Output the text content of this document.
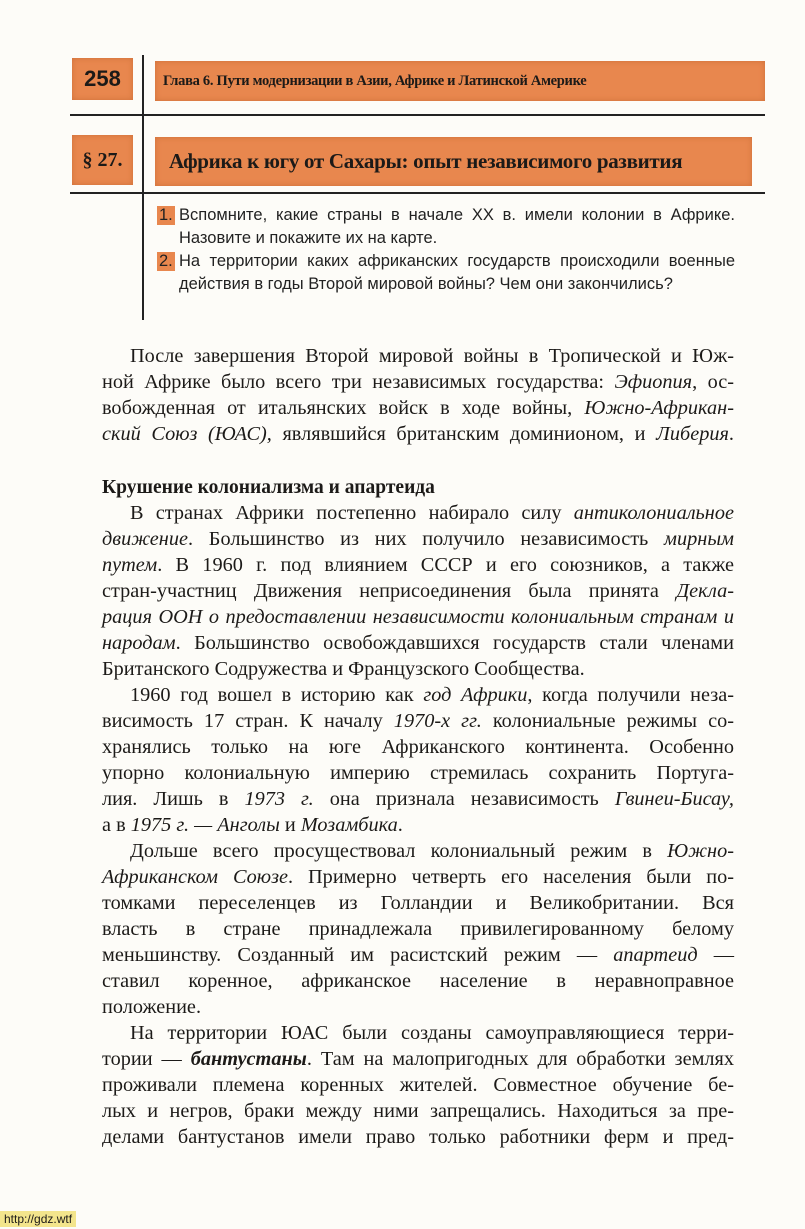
258	Глава 6. Пути модернизации в Азии, Африке и Латинской Америке
§ 27.	Африка к югу от Сахары: опыт независимого развития
1. Вспомните, какие страны в начале XX в. имели колонии в Африке. Назовите и покажите их на карте.
2. На территории каких африканских государств происходили военные действия в годы Второй мировой войны? Чем они закончились?
После завершения Второй мировой войны в Тропической и Юж-
ной Африке было всего три независимых государства: Эфиопия, ос-
вобожденная от итальянских войск в ходе войны, Южно-Африкан-
ский Союз (ЮАС), являвшийся британским доминионом, и Либерия.
Крушение колониализма и апартеида
В странах Африки постепенно набирало силу антиколониальное
движение. Большинство из них получило независимость мирным
путем. В 1960 г. под влиянием СССР и его союзников, а также
стран-участниц Движения неприсоединения была принята Декла-
рация ООН о предоставлении независимости колониальным странам и
народам. Большинство освобождавшихся государств стали членами
Британского Содружества и Французского Сообщества.
1960 год вошел в историю как год Африки, когда получили неза-
висимость 17 стран. К началу 1970-х гг. колониальные режимы со-
хранялись только на юге Африканского континента. Особенно
упорно колониальную империю стремилась сохранить Португа-
лия. Лишь в 1973 г. она признала независимость Гвинеи-Бисау,
а в 1975 г. — Анголы и Мозамбика.
Дольше всего просуществовал колониальный режим в Южно-
Африканском Союзе. Примерно четверть его населения были по-
томками переселенцев из Голландии и Великобритании. Вся
власть в стране принадлежала привилегированному белому
меньшинству. Созданный им расистский режим — апартеид —
ставил коренное, африканское население в неравноправное
положение.
На территории ЮАС были созданы самоуправляющиеся терри-
тории — бантустаны. Там на малопригодных для обработки землях
проживали племена коренных жителей. Совместное обучение бе-
лых и негров, браки между ними запрещались. Находиться за пре-
делами бантустанов имели право только работники ферм и пред-
http://gdz.wtf
